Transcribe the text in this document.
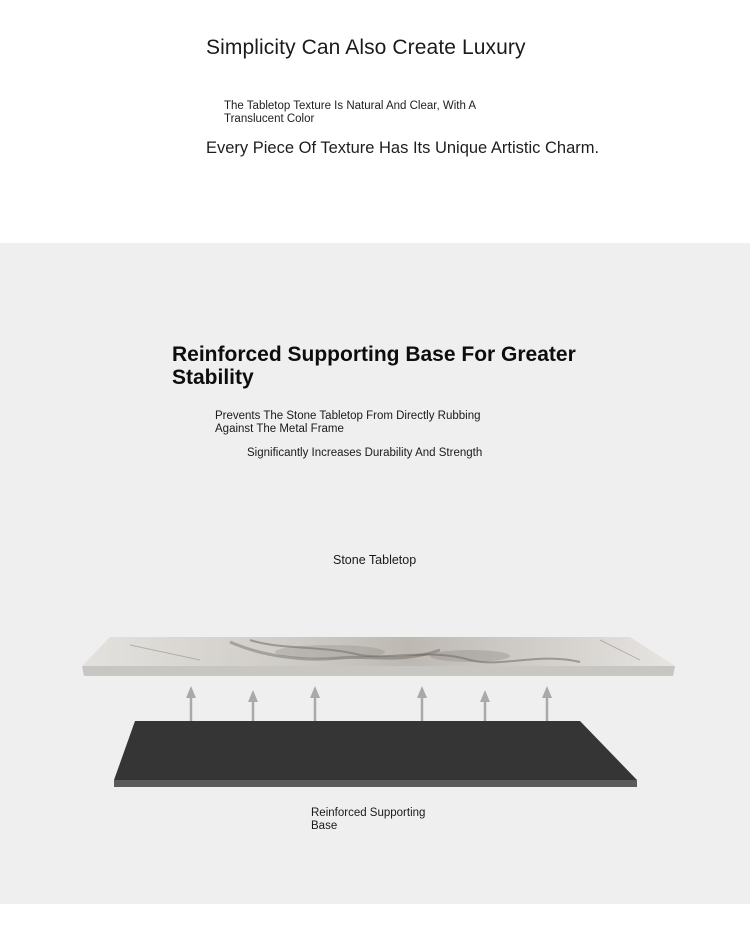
Simplicity Can Also Create Luxury
The Tabletop Texture Is Natural And Clear, With A Translucent Color
Every Piece Of Texture Has Its Unique Artistic Charm.
Reinforced Supporting Base For Greater Stability
Prevents The Stone Tabletop From Directly Rubbing Against The Metal Frame
Significantly Increases Durability And Strength
Stone Tabletop
Reinforced Supporting Base
